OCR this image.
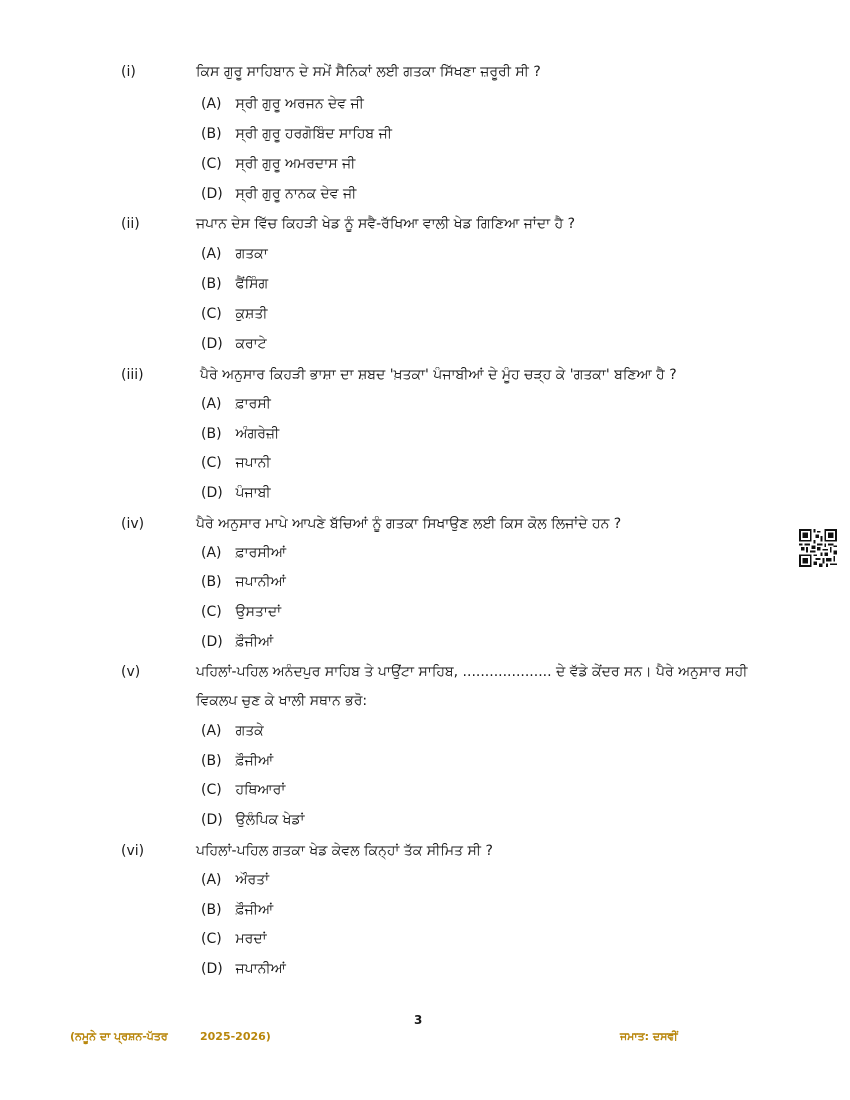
(i)	ਕਿਸ ਗੁਰੂ ਸਾਹਿਬਾਨ ਦੇ ਸਮੇਂ ਸੈਨਿਕਾਂ ਲਈ ਗਤਕਾ ਸਿੱਖਣਾ ਜ਼ਰੂਰੀ ਸੀ ?
(A) ਸ੍ਰੀ ਗੁਰੂ ਅਰਜਨ ਦੇਵ ਜੀ
(B) ਸ੍ਰੀ ਗੁਰੂ ਹਰਗੋਬਿੰਦ ਸਾਹਿਬ ਜੀ
(C) ਸ੍ਰੀ ਗੁਰੂ ਅਮਰਦਾਸ ਜੀ
(D) ਸ੍ਰੀ ਗੁਰੂ ਨਾਨਕ ਦੇਵ ਜੀ
(ii)	ਜਪਾਨ ਦੇਸ ਵਿੱਚ ਕਿਹੜੀ ਖੇਡ ਨੂੰ ਸਵੈ-ਰੱਖਿਆ ਵਾਲੀ ਖੇਡ ਗਿਣਿਆ ਜਾਂਦਾ ਹੈ ?
(A) ਗਤਕਾ
(B) ਫੈਂਸਿੰਗ
(C) ਕੁਸ਼ਤੀ
(D) ਕਰਾਟੇ
(iii)	ਪੈਰੇ ਅਨੁਸਾਰ ਕਿਹੜੀ ਭਾਸ਼ਾ ਦਾ ਸ਼ਬਦ 'ਖ਼ਤਕਾ' ਪੰਜਾਬੀਆਂ ਦੇ ਮੂੰਹ ਚੜ੍ਹ ਕੇ 'ਗਤਕਾ' ਬਣਿਆ ਹੈ ?
(A) ਫ਼ਾਰਸੀ
(B) ਅੰਗਰੇਜ਼ੀ
(C) ਜਪਾਨੀ
(D) ਪੰਜਾਬੀ
(iv)	ਪੈਰੇ ਅਨੁਸਾਰ ਮਾਪੇ ਆਪਣੇ ਬੱਚਿਆਂ ਨੂੰ ਗਤਕਾ ਸਿਖਾਉਣ ਲਈ ਕਿਸ ਕੋਲ ਲਿਜਾਂਦੇ ਹਨ ?
(A) ਫ਼ਾਰਸੀਆਂ
(B) ਜਪਾਨੀਆਂ
(C) ਉਸਤਾਦਾਂ
(D) ਫ਼ੌਜੀਆਂ
(v)	ਪਹਿਲਾਂ-ਪਹਿਲ ਅਨੰਦਪੁਰ ਸਾਹਿਬ ਤੇ ਪਾਉਂਟਾ ਸਾਹਿਬ, .................... ਦੇ ਵੱਡੇ ਕੇਂਦਰ ਸਨ। ਪੈਰੇ ਅਨੁਸਾਰ ਸਹੀ ਵਿਕਲਪ ਚੁਣ ਕੇ ਖਾਲੀ ਸਥਾਨ ਭਰੋ:
(A) ਗਤਕੇ
(B) ਫ਼ੌਜੀਆਂ
(C) ਹਥਿਆਰਾਂ
(D) ਉਲੰਪਿਕ ਖੇਡਾਂ
(vi)	ਪਹਿਲਾਂ-ਪਹਿਲ ਗਤਕਾ ਖੇਡ ਕੇਵਲ ਕਿਨ੍ਹਾਂ ਤੱਕ ਸੀਮਿਤ ਸੀ ?
(A) ਔਰਤਾਂ
(B) ਫ਼ੌਜੀਆਂ
(C) ਮਰਦਾਂ
(D) ਜਪਾਨੀਆਂ
3
(ਨਮੂਨੇ ਦਾ ਪ੍ਰਸ਼ਨ-ਪੱਤਰ	2025-2026)	ਜਮਾਤ: ਦਸਵੀਂ
